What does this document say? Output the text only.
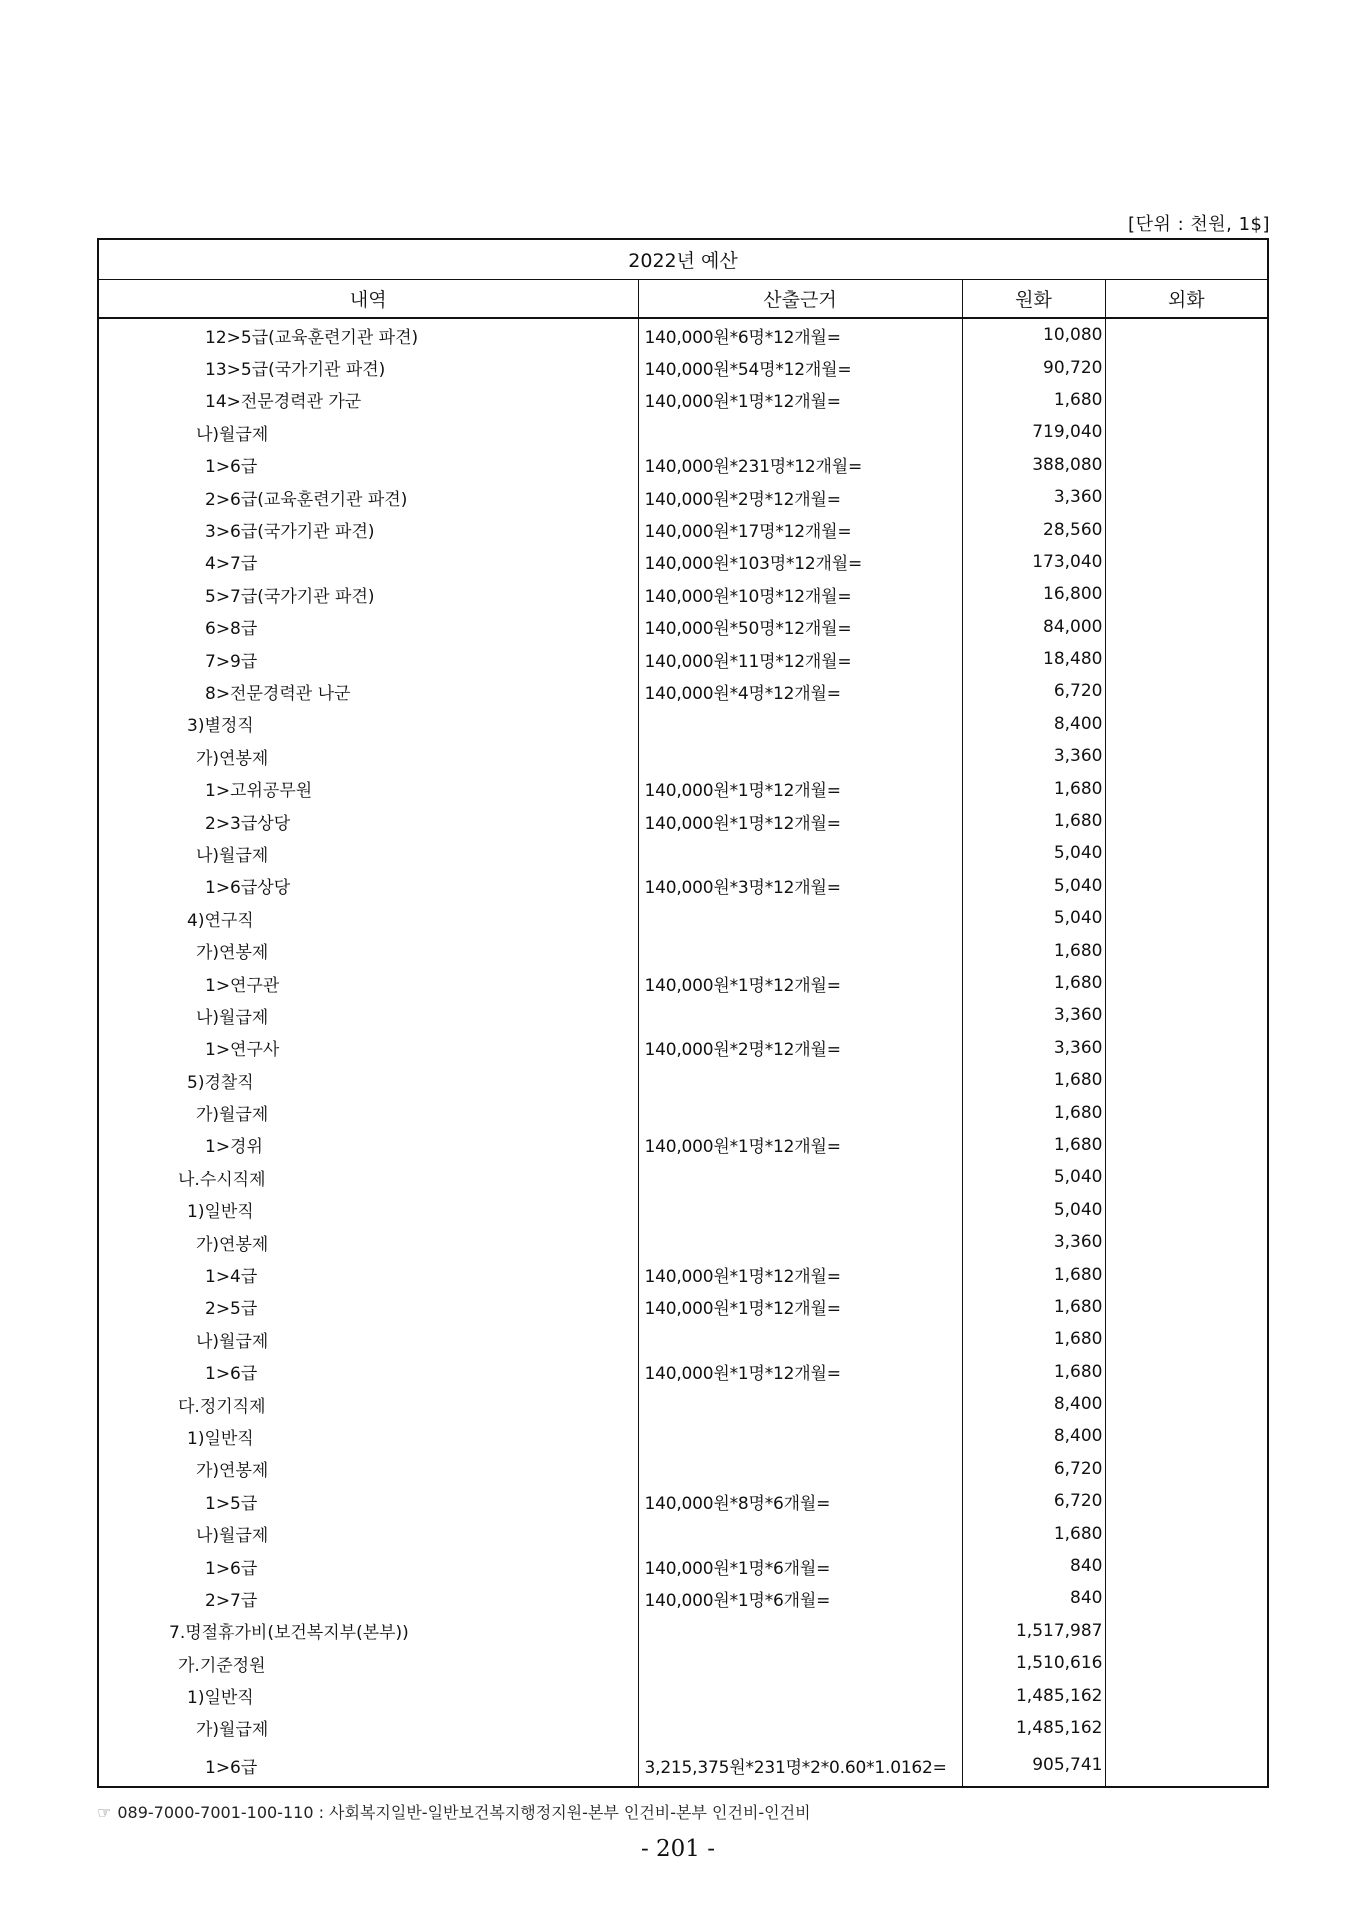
[단위 : 천원, 1$]
2022년 예산			
내역	산출근거	원화	외화
12>5급(교육훈련기관 파견)	140,000원*6명*12개월=	10,080	
13>5급(국가기관 파견)	140,000원*54명*12개월=	90,720	
14>전문경력관 가군	140,000원*1명*12개월=	1,680	
나)월급제		719,040	
1>6급	140,000원*231명*12개월=	388,080	
2>6급(교육훈련기관 파견)	140,000원*2명*12개월=	3,360	
3>6급(국가기관 파견)	140,000원*17명*12개월=	28,560	
4>7급	140,000원*103명*12개월=	173,040	
5>7급(국가기관 파견)	140,000원*10명*12개월=	16,800	
6>8급	140,000원*50명*12개월=	84,000	
7>9급	140,000원*11명*12개월=	18,480	
8>전문경력관 나군	140,000원*4명*12개월=	6,720	
3)별정직		8,400	
가)연봉제		3,360	
1>고위공무원	140,000원*1명*12개월=	1,680	
2>3급상당	140,000원*1명*12개월=	1,680	
나)월급제		5,040	
1>6급상당	140,000원*3명*12개월=	5,040	
4)연구직		5,040	
가)연봉제		1,680	
1>연구관	140,000원*1명*12개월=	1,680	
나)월급제		3,360	
1>연구사	140,000원*2명*12개월=	3,360	
5)경찰직		1,680	
가)월급제		1,680	
1>경위	140,000원*1명*12개월=	1,680	
나.수시직제		5,040	
1)일반직		5,040	
가)연봉제		3,360	
1>4급	140,000원*1명*12개월=	1,680	
2>5급	140,000원*1명*12개월=	1,680	
나)월급제		1,680	
1>6급	140,000원*1명*12개월=	1,680	
다.정기직제		8,400	
1)일반직		8,400	
가)연봉제		6,720	
1>5급	140,000원*8명*6개월=	6,720	
나)월급제		1,680	
1>6급	140,000원*1명*6개월=	840	
2>7급	140,000원*1명*6개월=	840	
7.명절휴가비(보건복지부(본부))		1,517,987	
가.기준정원		1,510,616	
1)일반직		1,485,162	
가)월급제		1,485,162	
1>6급	3,215,375원*231명*2*0.60*1.0162=	905,741	
☞ 089-7000-7001-100-110 : 사회복지일반-일반보건복지행정지원-본부 인건비-본부 인건비-인건비
- 201 -
